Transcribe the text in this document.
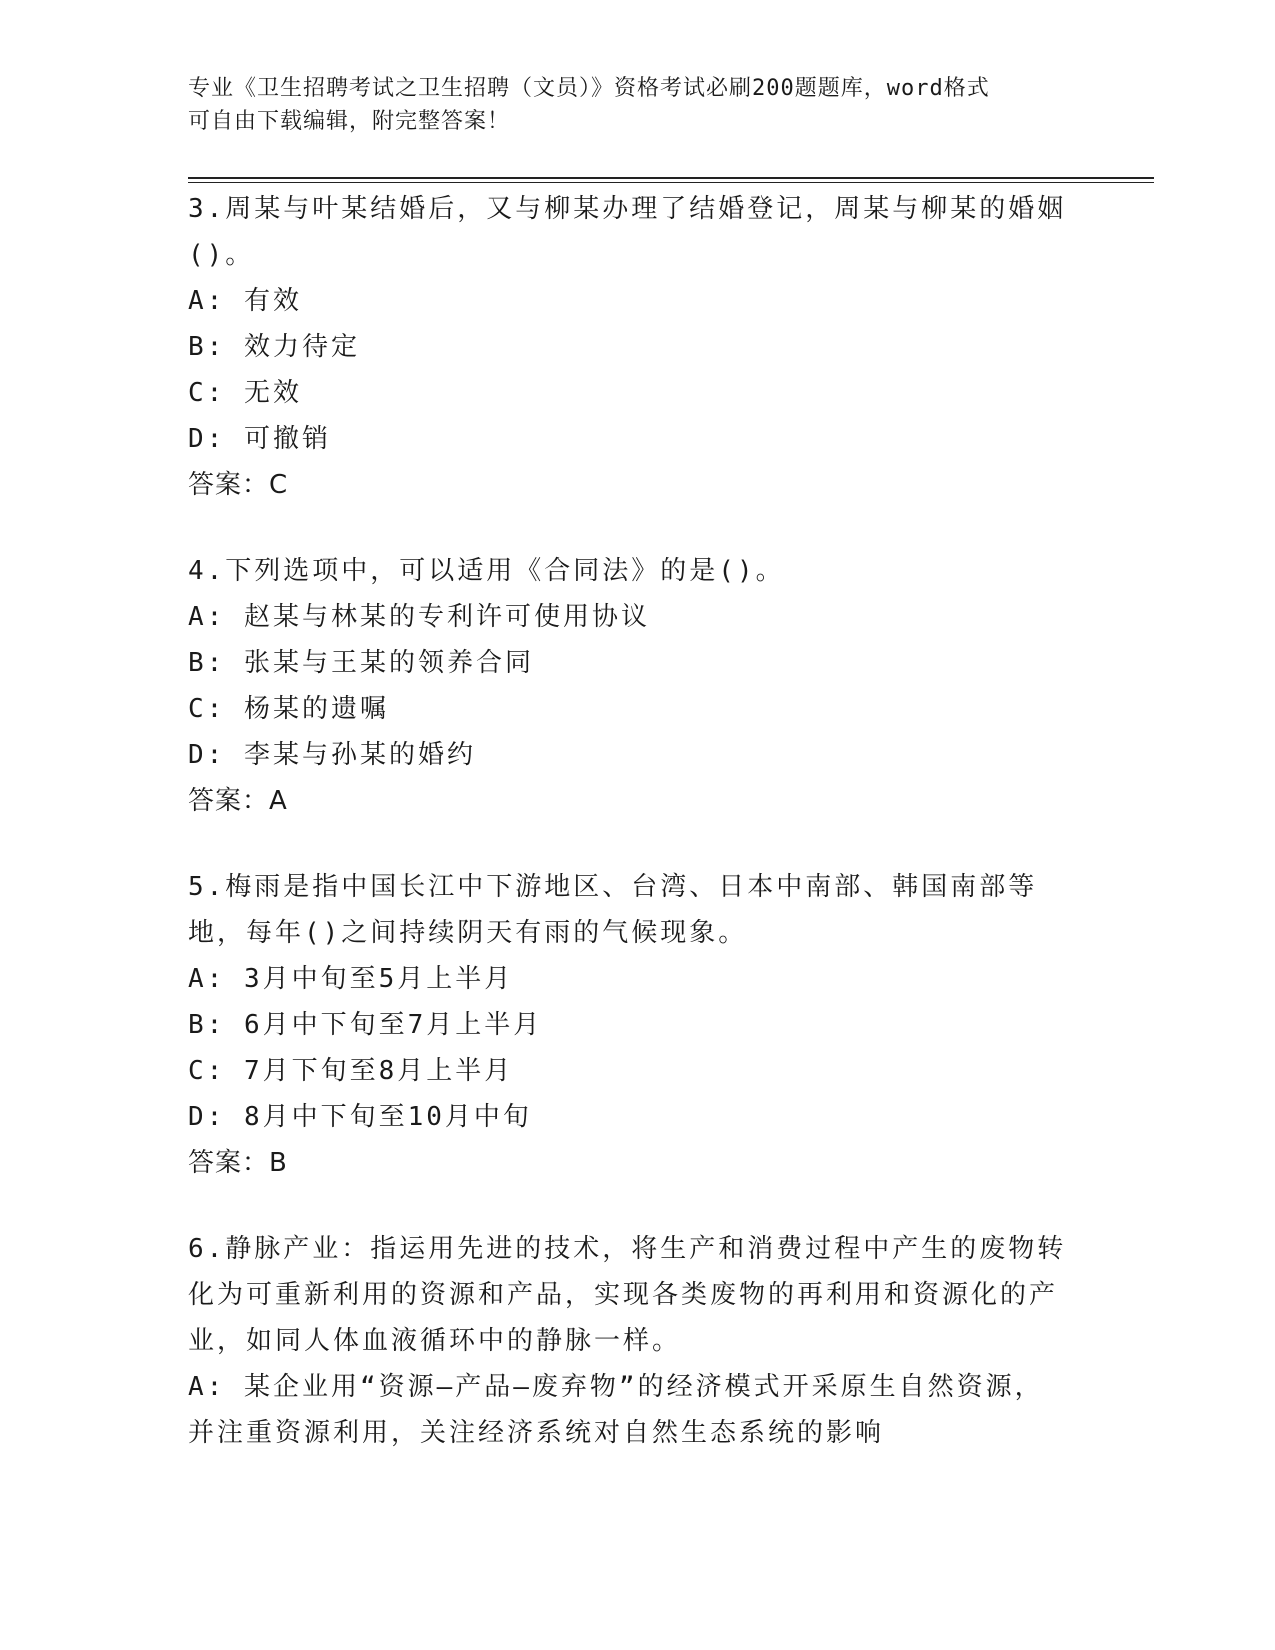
专业《卫生招聘考试之卫生招聘（文员）》资格考试必刷200题题库，word格式
可自由下载编辑，附完整答案！

3.周某与叶某结婚后，又与柳某办理了结婚登记，周某与柳某的婚姻()。

A: 有效

B: 效力待定

C: 无效

D: 可撤销

答案：C

4.下列选项中，可以适用《合同法》的是()。

A: 赵某与林某的专利许可使用协议

B: 张某与王某的领养合同

C: 杨某的遗嘱

D: 李某与孙某的婚约

答案：A

5.梅雨是指中国长江中下游地区、台湾、日本中南部、韩国南部等地，每年()之间持续阴天有雨的气候现象。

A: 3月中旬至5月上半月

B: 6月中下旬至7月上半月

C: 7月下旬至8月上半月

D: 8月中下旬至10月中旬

答案：B

6.静脉产业：指运用先进的技术，将生产和消费过程中产生的废物转化为可重新利用的资源和产品，实现各类废物的再利用和资源化的产业，如同人体血液循环中的静脉一样。

A: 某企业用“资源—产品—废弃物”的经济模式开采原生自然资源，并注重资源利用，关注经济系统对自然生态系统的影响
